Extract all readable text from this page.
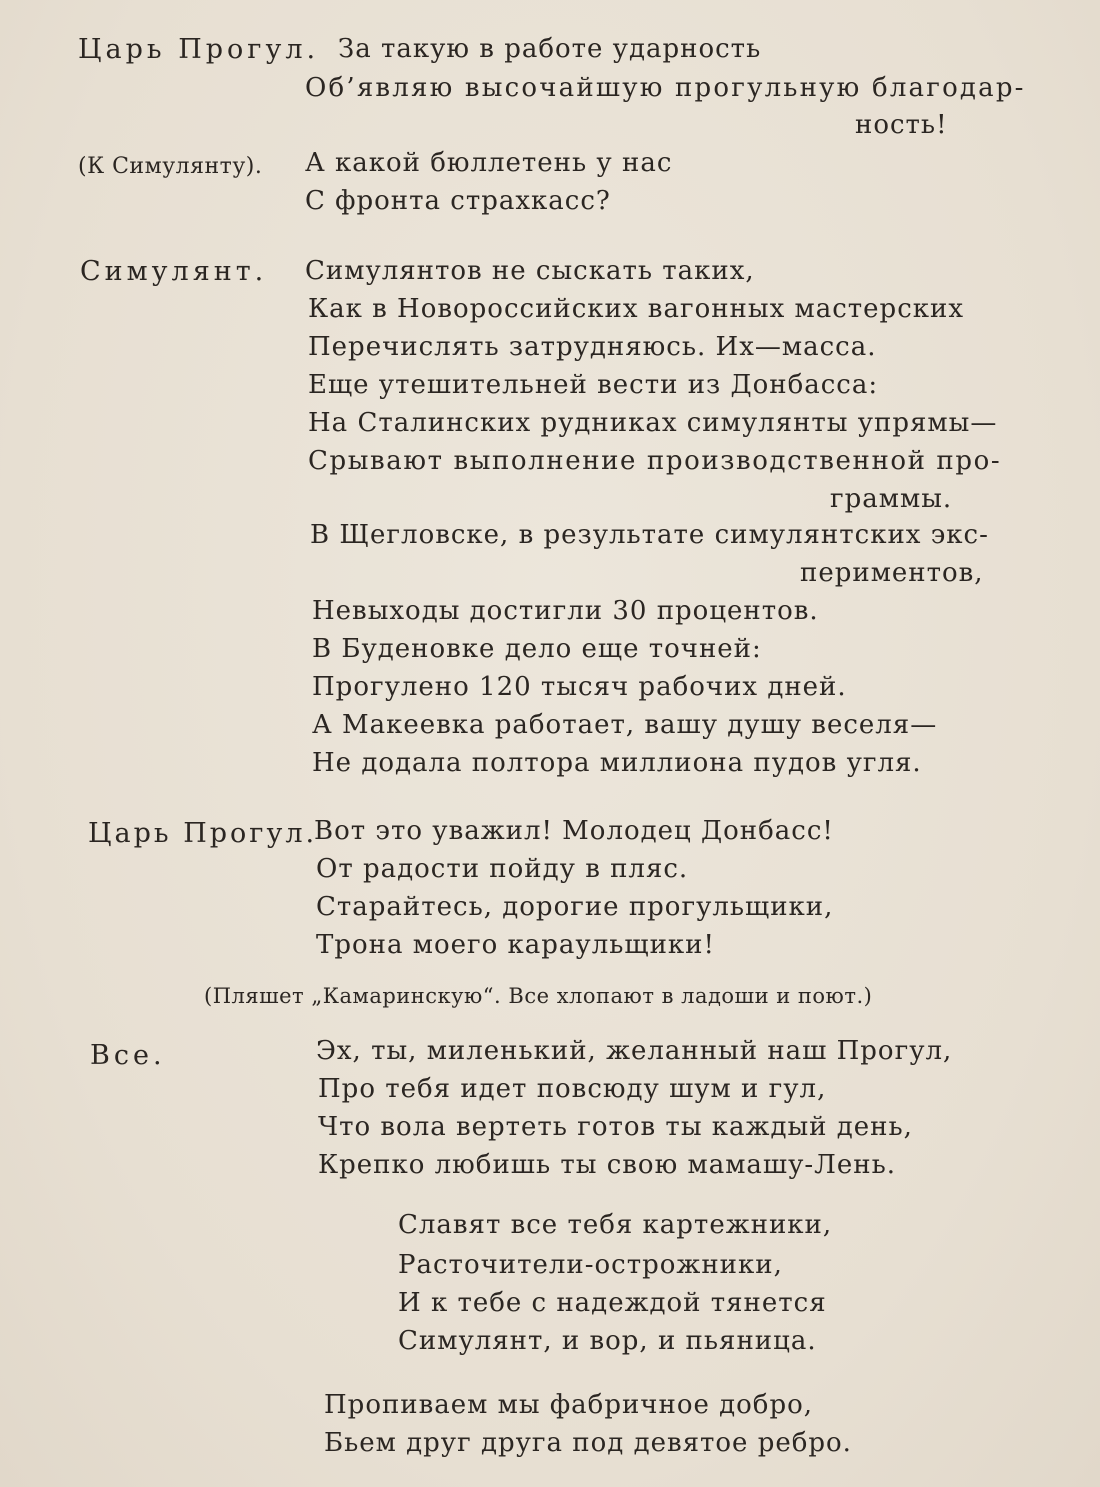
Царь Прогул. За такую в работе ударность
Об’являю высочайшую прогульную благодар-
ность!
(К Симулянту). А какой бюллетень у нас
С фронта страхкасс?
Симулянт. Симулянтов не сыскать таких,
Как в Новороссийских вагонных мастерских
Перечислять затрудняюсь. Их—масса.
Еще утешительней вести из Донбасса:
На Сталинских рудниках симулянты упрямы—
Срывают выполнение производственной про-
граммы.
В Щегловске, в результате симулянтских экс-
периментов,
Невыходы достигли 30 процентов.
В Буденовке дело еще точней:
Прогулено 120 тысяч рабочих дней.
А Макеевка работает, вашу душу веселя—
Не додала полтора миллиона пудов угля.
Царь Прогул.
Вот это уважил! Молодец Донбасс!
От радости пойду в пляс.
Старайтесь, дорогие прогульщики,
Трона моего караульщики!
(Пляшет „Камаринскую“. Все хлопают в ладоши и поют.)
Все.	Эх, ты, миленький, желанный наш Прогул,
Про тебя идет повсюду шум и гул,
Что вола вертеть готов ты каждый день,
Крепко любишь ты свою мамашу-Лень.
Славят все тебя картежники,
Расточители-острожники,
И к тебе с надеждой тянется
Симулянт, и вор, и пьяница.
Пропиваем мы фабричное добро,
Бьем друг друга под девятое ребро.
